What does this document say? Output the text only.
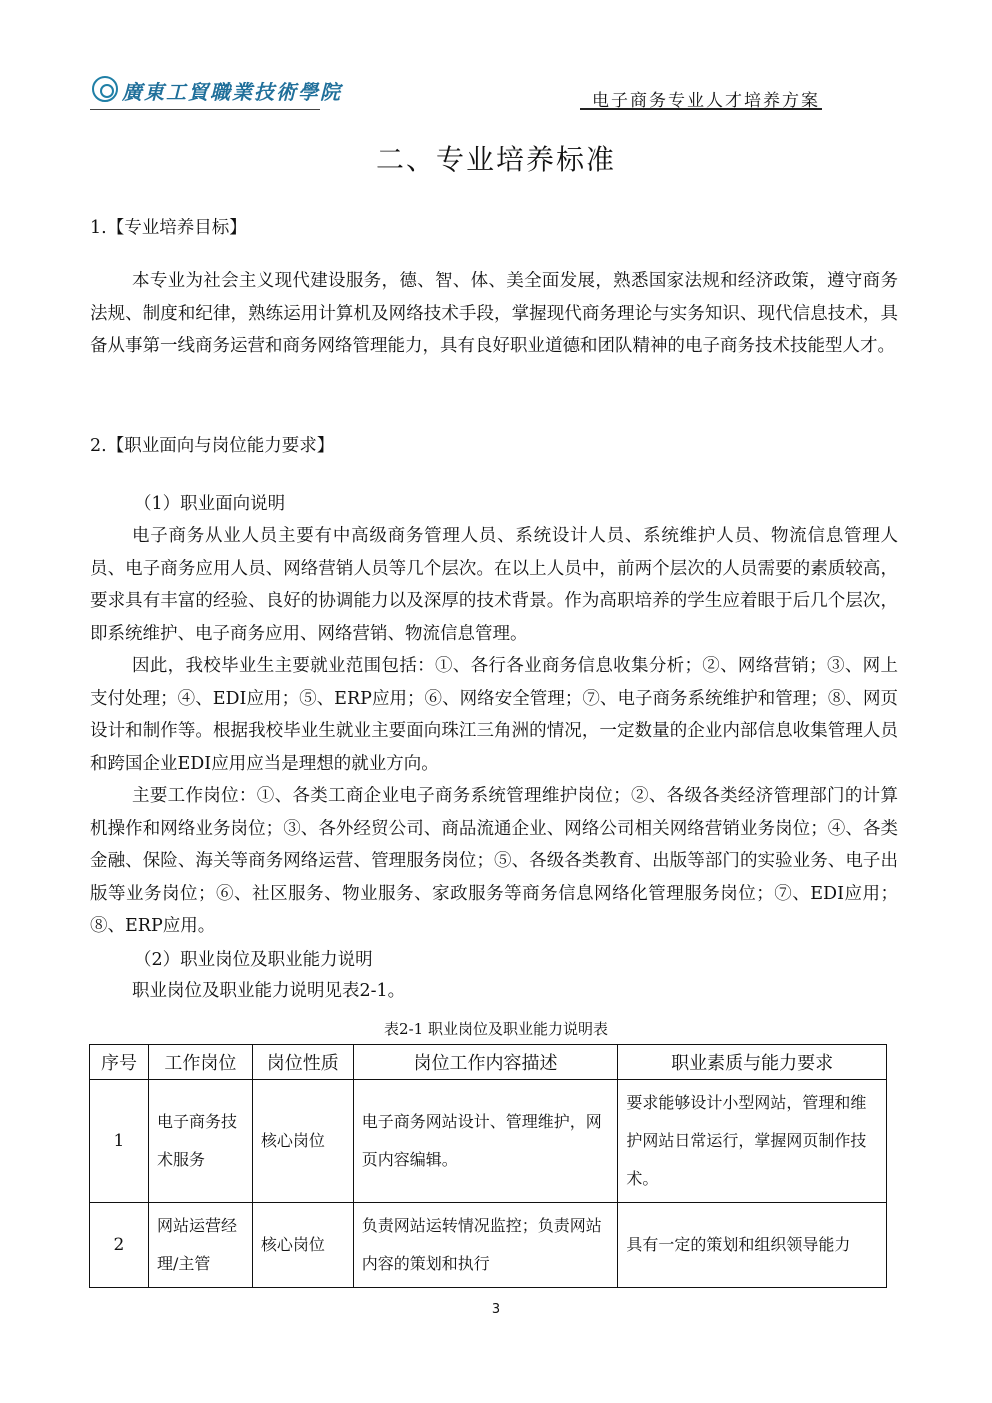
廣東工貿職業技術學院	电子商务专业人才培养方案
二、专业培养标准
1.【专业培养目标】
本专业为社会主义现代建设服务，德、智、体、美全面发展，熟悉国家法规和经济政策，遵守商务法规、制度和纪律，熟练运用计算机及网络技术手段，掌握现代商务理论与实务知识、现代信息技术，具备从事第一线商务运营和商务网络管理能力，具有良好职业道德和团队精神的电子商务技术技能型人才。
2.【职业面向与岗位能力要求】
（1）职业面向说明
电子商务从业人员主要有中高级商务管理人员、系统设计人员、系统维护人员、物流信息管理人员、电子商务应用人员、网络营销人员等几个层次。在以上人员中，前两个层次的人员需要的素质较高，要求具有丰富的经验、良好的协调能力以及深厚的技术背景。作为高职培养的学生应着眼于后几个层次，即系统维护、电子商务应用、网络营销、物流信息管理。
因此，我校毕业生主要就业范围包括：①、各行各业商务信息收集分析；②、网络营销；③、网上支付处理；④、EDI应用；⑤、ERP应用；⑥、网络安全管理；⑦、电子商务系统维护和管理；⑧、网页设计和制作等。根据我校毕业生就业主要面向珠江三角洲的情况，一定数量的企业内部信息收集管理人员和跨国企业EDI应用应当是理想的就业方向。
主要工作岗位：①、各类工商企业电子商务系统管理维护岗位；②、各级各类经济管理部门的计算机操作和网络业务岗位；③、各外经贸公司、商品流通企业、网络公司相关网络营销业务岗位；④、各类金融、保险、海关等商务网络运营、管理服务岗位；⑤、各级各类教育、出版等部门的实验业务、电子出版等业务岗位；⑥、社区服务、物业服务、家政服务等商务信息网络化管理服务岗位；⑦、EDI应用；⑧、ERP应用。
（2）职业岗位及职业能力说明
职业岗位及职业能力说明见表2-1。
表2-1 职业岗位及职业能力说明表
序号	工作岗位	岗位性质	岗位工作内容描述	职业素质与能力要求
1	电子商务技术服务	核心岗位	电子商务网站设计、管理维护，网页内容编辑。	要求能够设计小型网站，管理和维护网站日常运行，掌握网页制作技术。
2	网站运营经理/主管	核心岗位	负责网站运转情况监控；负责网站内容的策划和执行	具有一定的策划和组织领导能力
3
